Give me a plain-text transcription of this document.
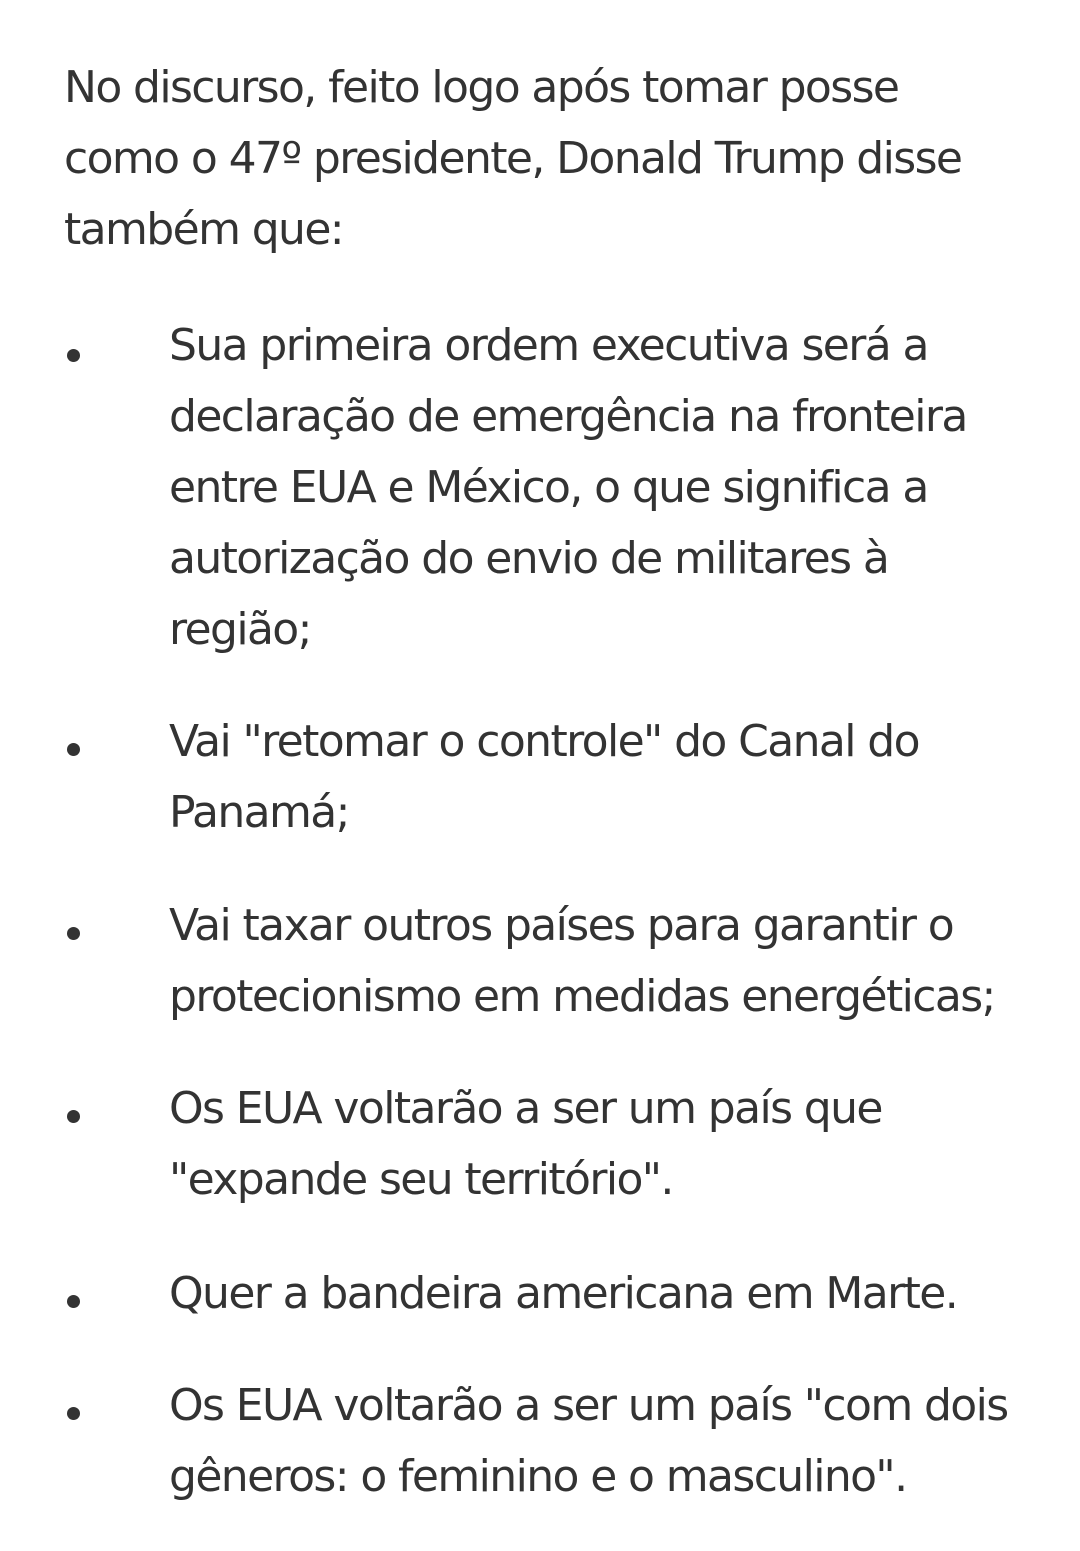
No discurso, feito logo após tomar posse
como o 47º presidente, Donald Trump disse
também que:

Sua primeira ordem executiva será a
declaração de emergência na fronteira
entre EUA e México, o que significa a
autorização do envio de militares à
região;

Vai "retomar o controle" do Canal do
Panamá;

Vai taxar outros países para garantir o
protecionismo em medidas energéticas;

Os EUA voltarão a ser um país que
"expande seu território".

Quer a bandeira americana em Marte.

Os EUA voltarão a ser um país "com dois
gêneros: o feminino e o masculino".
